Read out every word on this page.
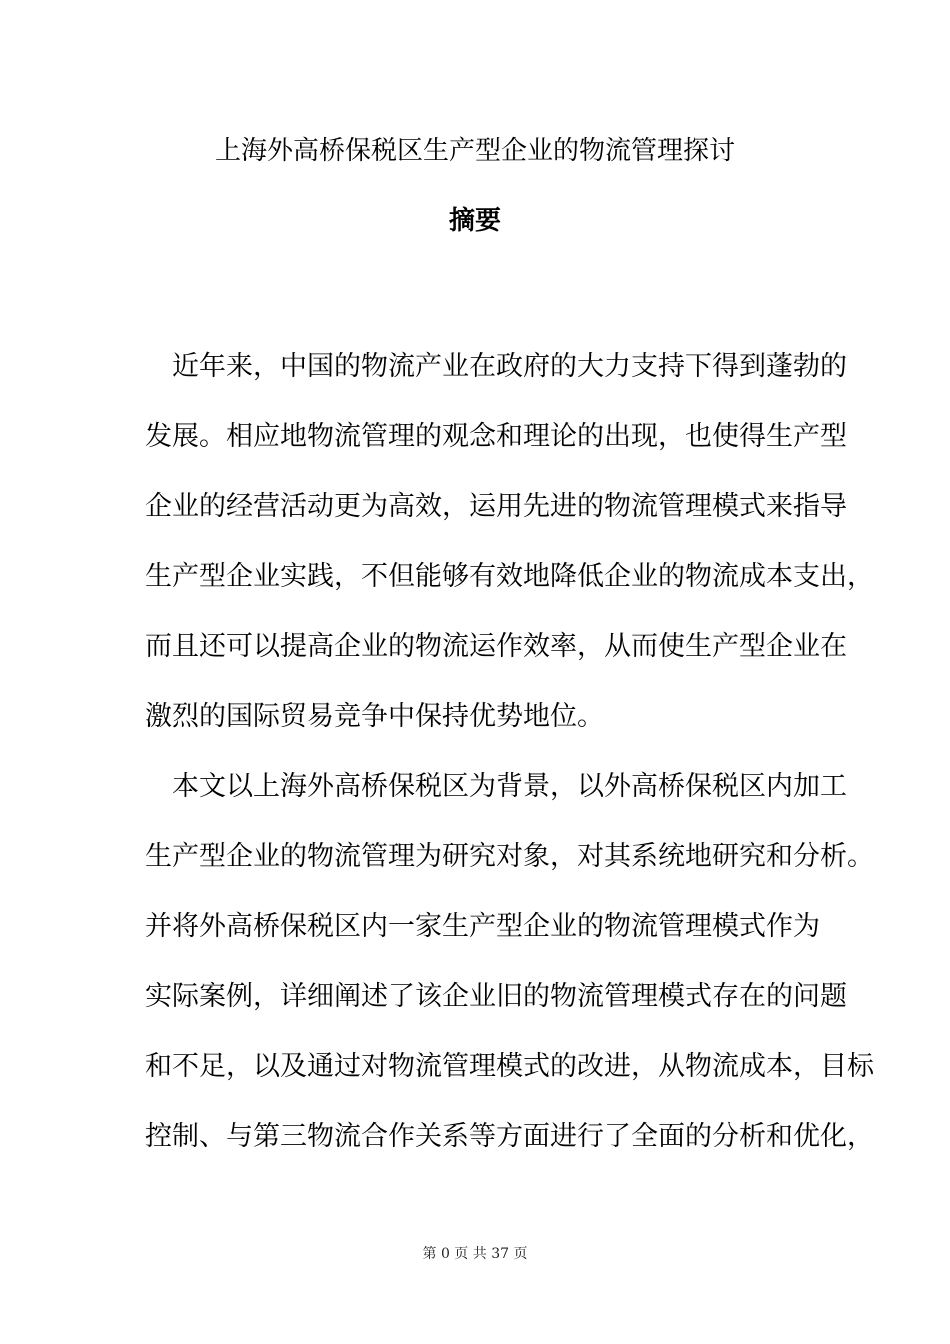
上海外高桥保税区生产型企业的物流管理探讨
摘要
　近年来，中国的物流产业在政府的大力支持下得到蓬勃的
发展。相应地物流管理的观念和理论的出现，也使得生产型
企业的经营活动更为高效，运用先进的物流管理模式来指导
生产型企业实践，不但能够有效地降低企业的物流成本支出，
而且还可以提高企业的物流运作效率，从而使生产型企业在
激烈的国际贸易竞争中保持优势地位。
　本文以上海外高桥保税区为背景，以外高桥保税区内加工
生产型企业的物流管理为研究对象，对其系统地研究和分析。
并将外高桥保税区内一家生产型企业的物流管理模式作为
实际案例，详细阐述了该企业旧的物流管理模式存在的问题
和不足，以及通过对物流管理模式的改进，从物流成本，目标
控制、与第三物流合作关系等方面进行了全面的分析和优化，
第 0 页 共 37 页
